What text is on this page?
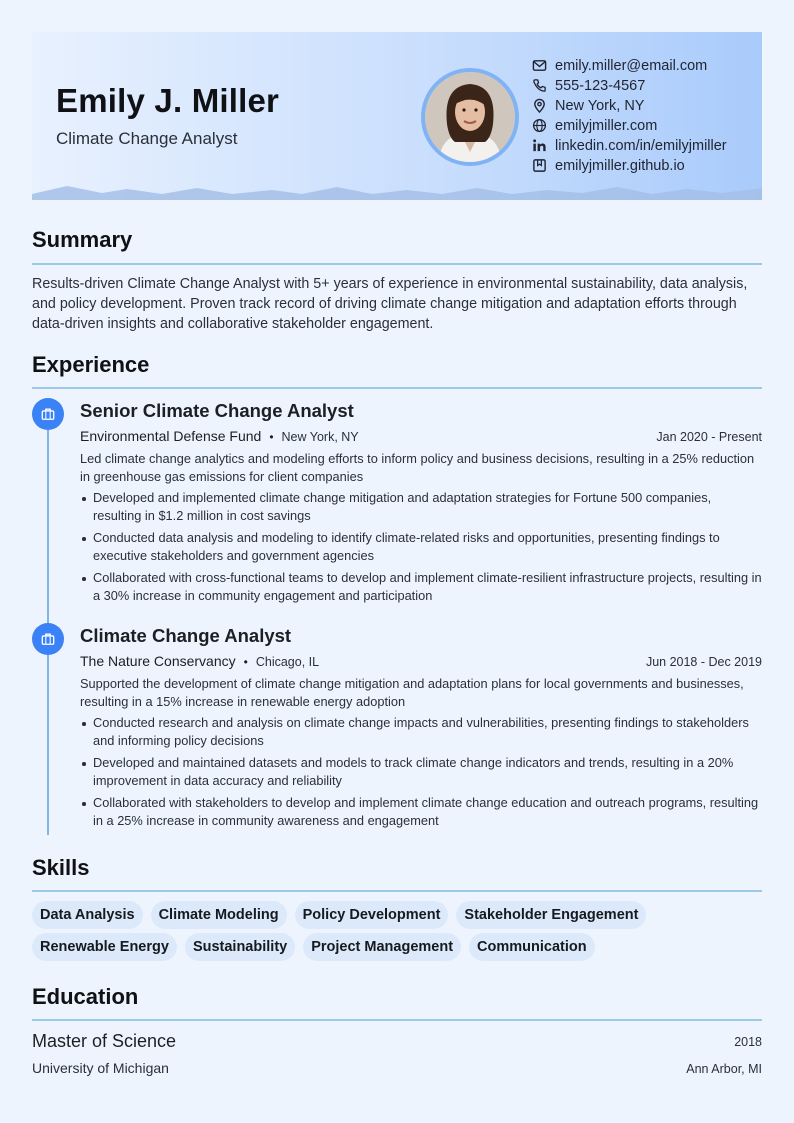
Emily J. Miller

Climate Change Analyst

emily.miller@email.com
555-123-4567
New York, NY
emilyjmiller.com
linkedin.com/in/emilyjmiller
emilyjmiller.github.io
Summary

Results-driven Climate Change Analyst with 5+ years of experience in environmental sustainability, data analysis, and policy development. Proven track record of driving climate change mitigation and adaptation efforts through data-driven insights and collaborative stakeholder engagement.

Experience
Senior Climate Change Analyst
Environmental Defense Fund • New York, NY	Jan 2020 - Present

Led climate change analytics and modeling efforts to inform policy and business decisions, resulting in a 25% reduction in greenhouse gas emissions for client companies

Developed and implemented climate change mitigation and adaptation strategies for Fortune 500 companies, resulting in $1.2 million in cost savings
Conducted data analysis and modeling to identify climate-related risks and opportunities, presenting findings to executive stakeholders and government agencies
Collaborated with cross-functional teams to develop and implement climate-resilient infrastructure projects, resulting in a 30% increase in community engagement and participation
Climate Change Analyst
The Nature Conservancy • Chicago, IL	Jun 2018 - Dec 2019

Supported the development of climate change mitigation and adaptation plans for local governments and businesses, resulting in a 15% increase in renewable energy adoption

Conducted research and analysis on climate change impacts and vulnerabilities, presenting findings to stakeholders and informing policy decisions
Developed and maintained datasets and models to track climate change indicators and trends, resulting in a 20% improvement in data accuracy and reliability
Collaborated with stakeholders to develop and implement climate change education and outreach programs, resulting in a 25% increase in community awareness and engagement
Skills
Data Analysis	Climate Modeling	Policy Development	Stakeholder Engagement
Renewable Energy	Sustainability	Project Management	Communication
Education

Master of Science	2018

University of Michigan	Ann Arbor, MI
